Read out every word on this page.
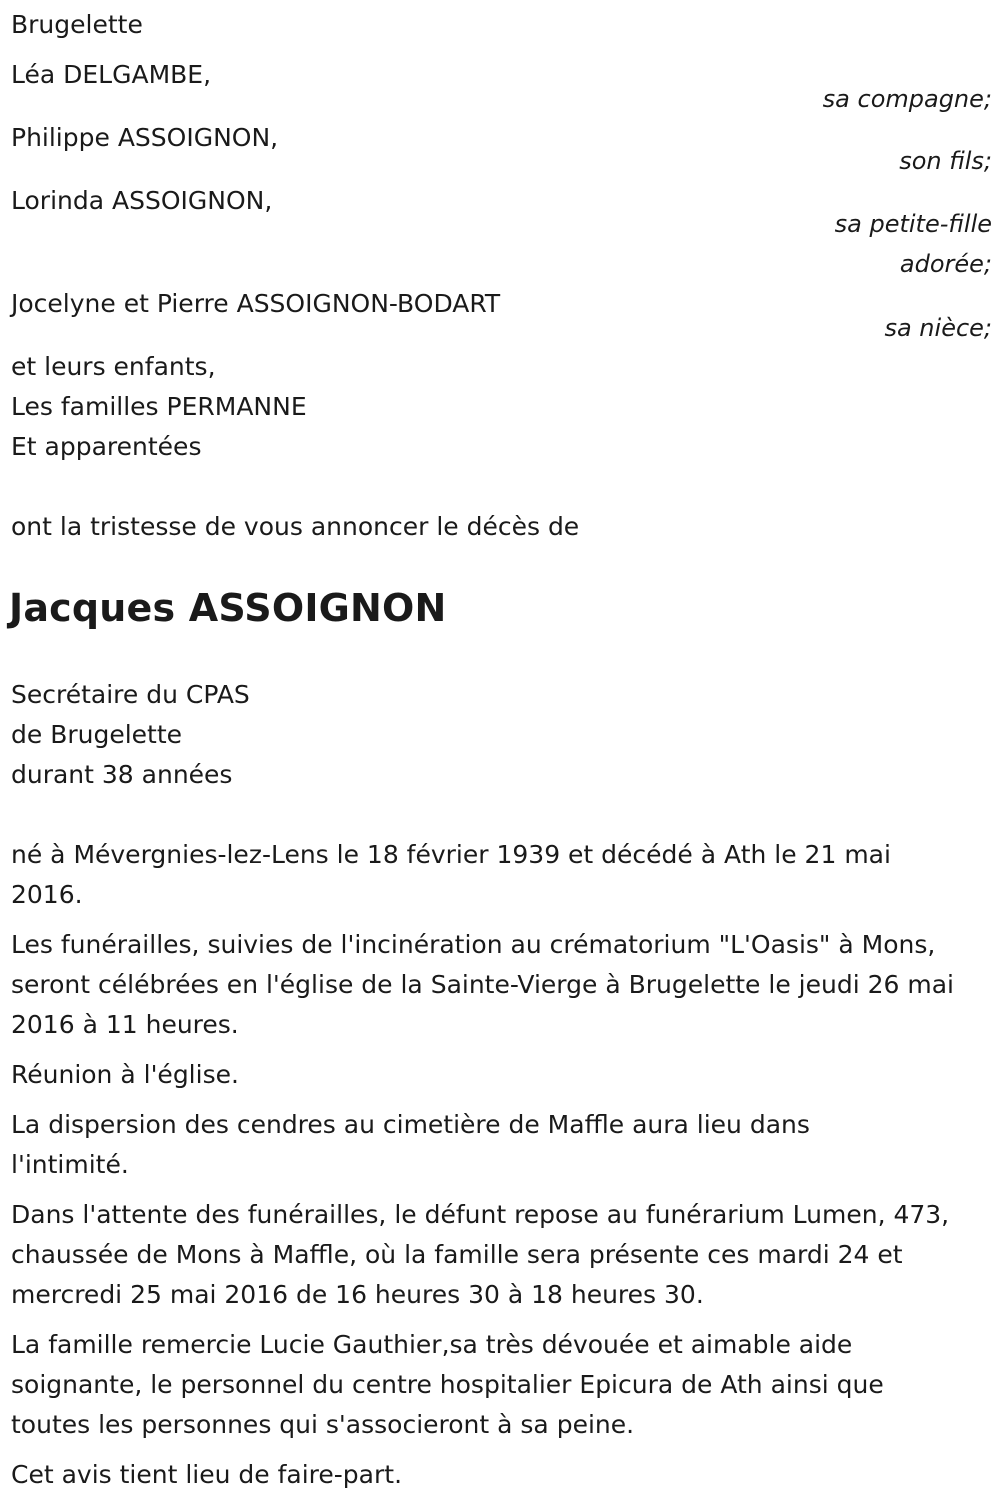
Brugelette
Léa DELGAMBE,
sa compagne;
Philippe ASSOIGNON,
son fils;
Lorinda ASSOIGNON,
sa petite-fille
adorée;
Jocelyne et Pierre ASSOIGNON-BODART
sa nièce;
et leurs enfants,
Les familles PERMANNE
Et apparentées
ont la tristesse de vous annoncer le décès de
Jacques ASSOIGNON
Secrétaire du CPAS
de Brugelette
durant 38 années

né à Mévergnies-lez-Lens le 18 février 1939 et décédé à Ath le 21 mai 2016.

Les funérailles, suivies de l'incinération au crématorium "L'Oasis" à Mons, seront célébrées en l'église de la Sainte-Vierge à Brugelette le jeudi 26 mai 2016 à 11 heures.

Réunion à l'église.

La dispersion des cendres au cimetière de Maffle aura lieu dans l'intimité.

Dans l'attente des funérailles, le défunt repose au funérarium Lumen, 473, chaussée de Mons à Maffle, où la famille sera présente ces mardi 24 et mercredi 25 mai 2016 de 16 heures 30 à 18 heures 30.

La famille remercie Lucie Gauthier,sa très dévouée et aimable aide soignante, le personnel du centre hospitalier Epicura de Ath ainsi que toutes les personnes qui s'associeront à sa peine.

Cet avis tient lieu de faire-part.
